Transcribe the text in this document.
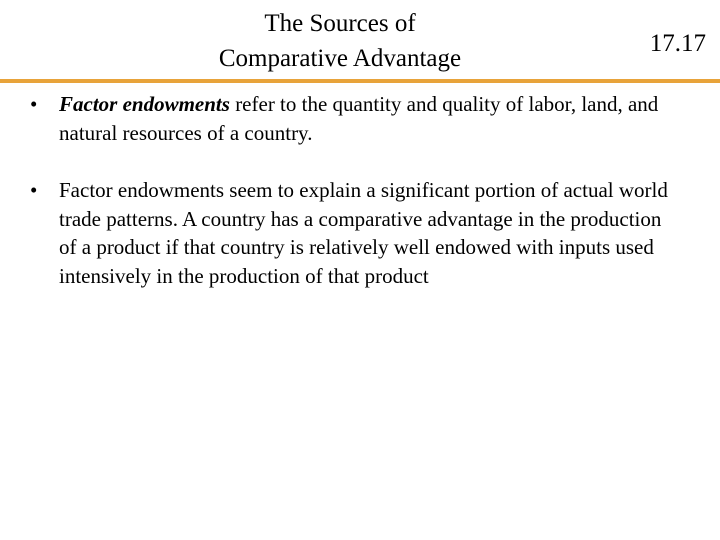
The Sources of
Comparative Advantage
17.17
• Factor endowments refer to the quantity and quality of labor, land, and natural resources of a country.
• Factor endowments seem to explain a significant portion of actual world trade patterns. A country has a comparative advantage in the production of a product if that country is relatively well endowed with inputs used intensively in the production of that product
